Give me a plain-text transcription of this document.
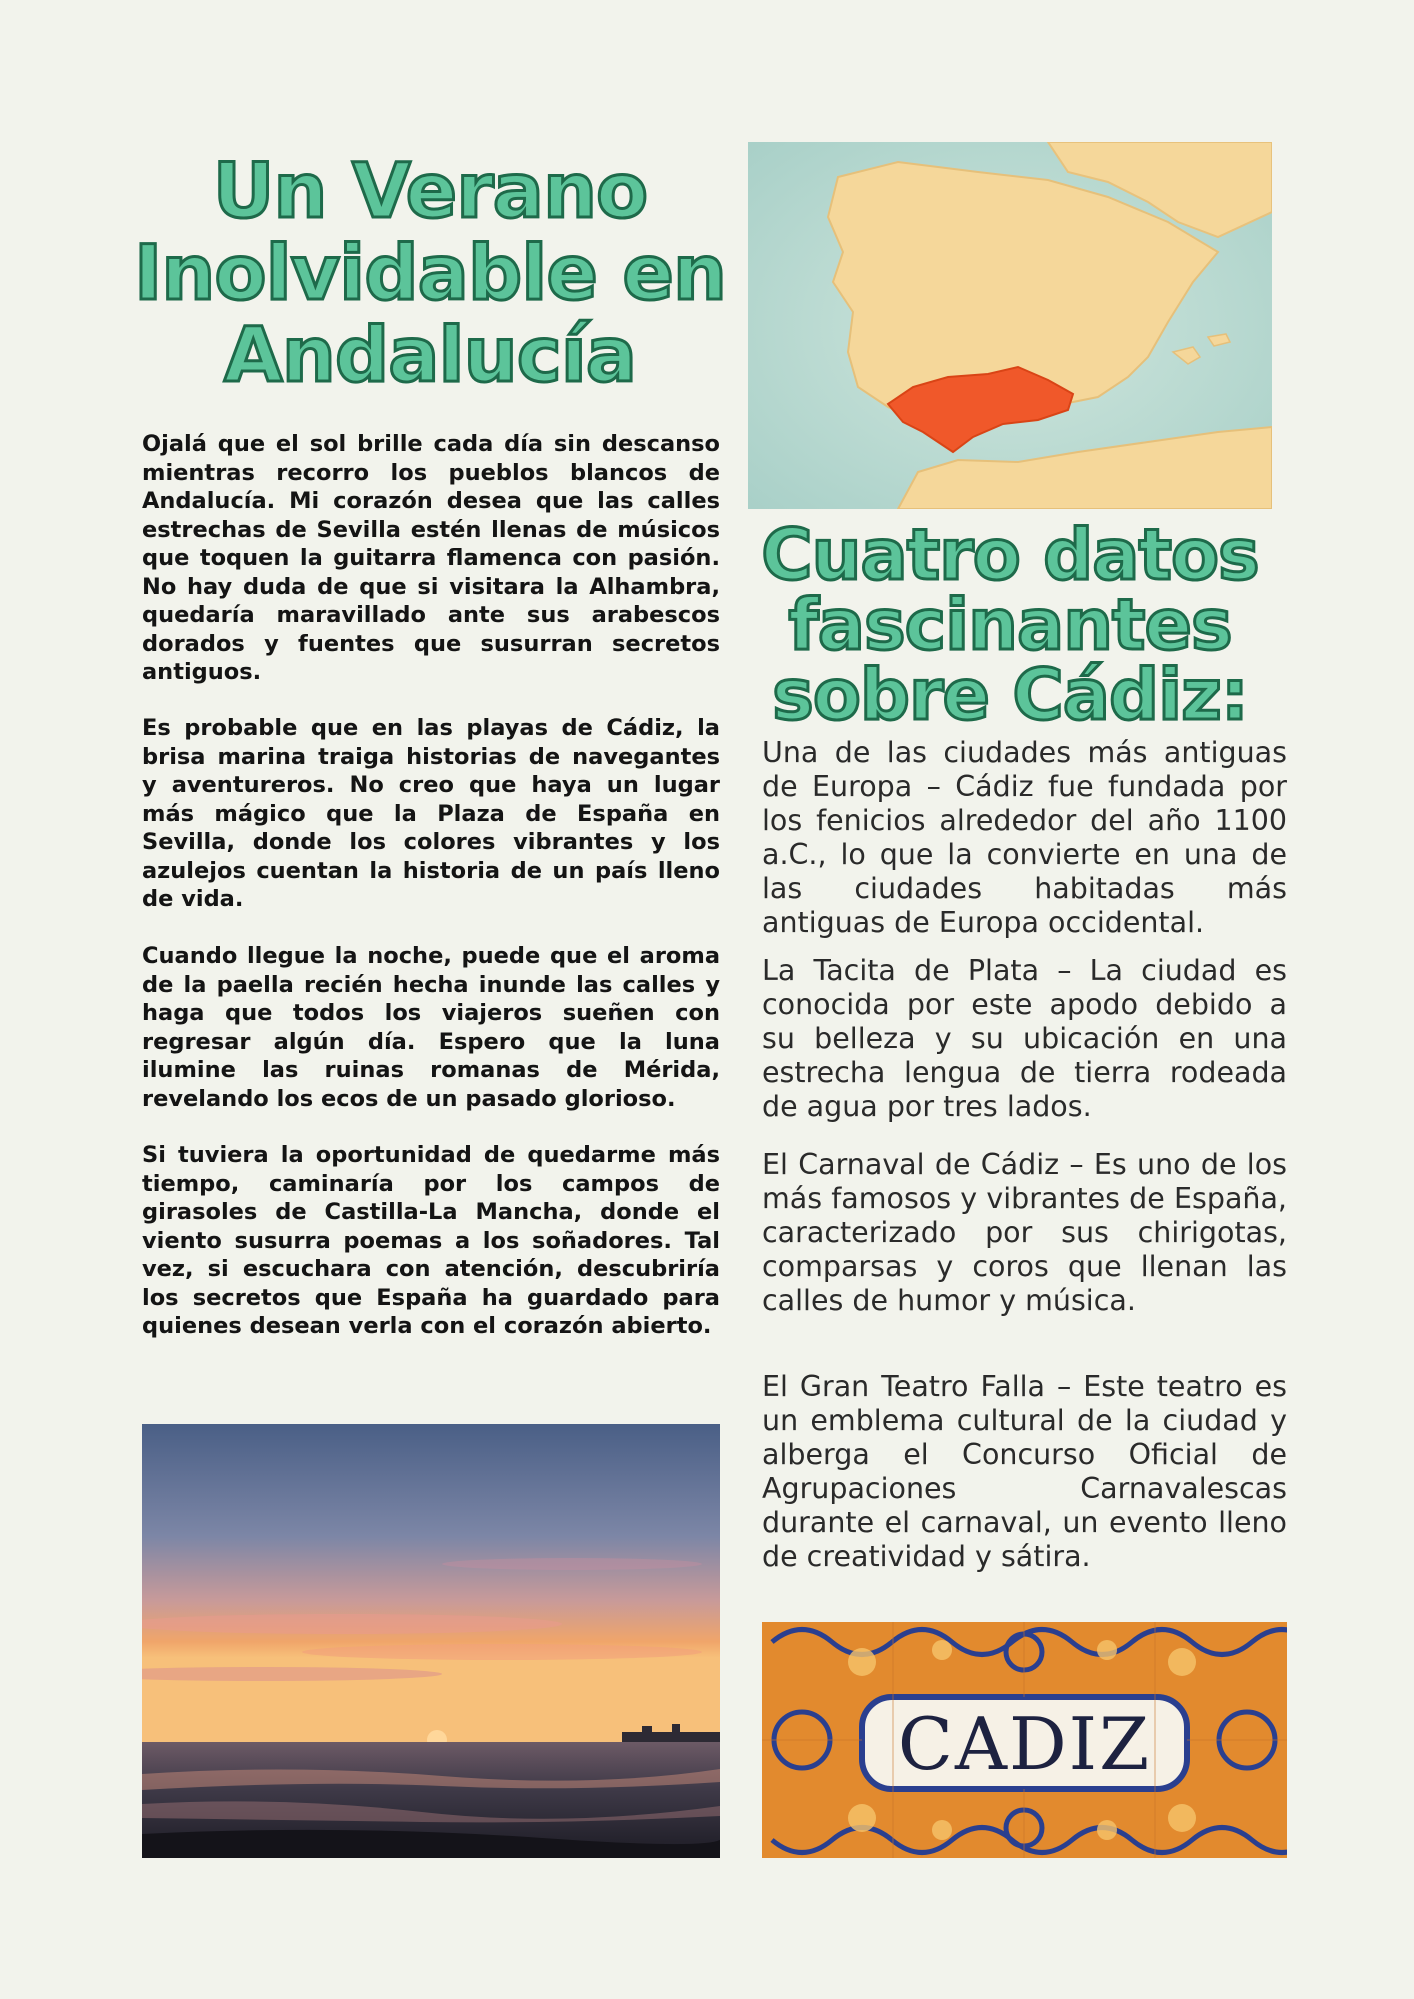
Un Verano Inolvidable en Andalucía

Ojalá que el sol brille cada día sin descanso mientras recorro los pueblos blancos de Andalucía. Mi corazón desea que las calles estrechas de Sevilla estén llenas de músicos que toquen la guitarra flamenca con pasión. No hay duda de que si visitara la Alhambra, quedaría maravillado ante sus arabescos dorados y fuentes que susurran secretos antiguos.

Es probable que en las playas de Cádiz, la brisa marina traiga historias de navegantes y aventureros. No creo que haya un lugar más mágico que la Plaza de España en Sevilla, donde los colores vibrantes y los azulejos cuentan la historia de un país lleno de vida.

Cuando llegue la noche, puede que el aroma de la paella recién hecha inunde las calles y haga que todos los viajeros sueñen con regresar algún día. Espero que la luna ilumine las ruinas romanas de Mérida, revelando los ecos de un pasado glorioso.

Si tuviera la oportunidad de quedarme más tiempo, caminaría por los campos de girasoles de Castilla-La Mancha, donde el viento susurra poemas a los soñadores. Tal vez, si escuchara con atención, descubriría los secretos que España ha guardado para quienes desean verla con el corazón abierto.

Cuatro datos fascinantes sobre Cádiz:

Una de las ciudades más antiguas de Europa – Cádiz fue fundada por los fenicios alrededor del año 1100 a.C., lo que la convierte en una de las ciudades habitadas más antiguas de Europa occidental.

La Tacita de Plata – La ciudad es conocida por este apodo debido a su belleza y su ubicación en una estrecha lengua de tierra rodeada de agua por tres lados.

El Carnaval de Cádiz – Es uno de los más famosos y vibrantes de España, caracterizado por sus chirigotas, comparsas y coros que llenan las calles de humor y música.

El Gran Teatro Falla – Este teatro es un emblema cultural de la ciudad y alberga el Concurso Oficial de Agrupaciones Carnavalescas durante el carnaval, un evento lleno de creatividad y sátira.

CADIZ
